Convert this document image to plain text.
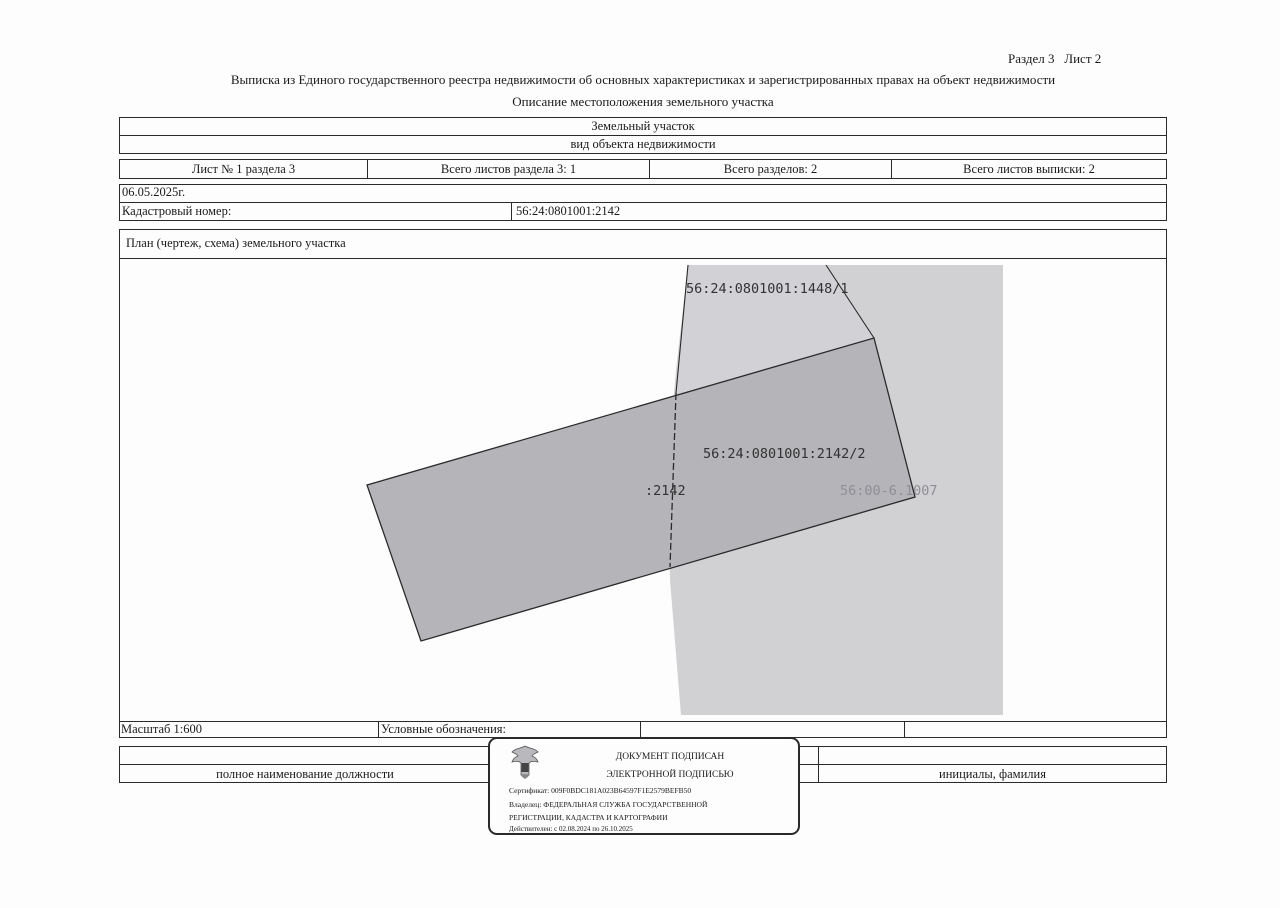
Раздел 3   Лист 2
Выписка из Единого государственного реестра недвижимости об основных характеристиках и зарегистрированных правах на объект недвижимости
Описание местоположения земельного участка
Земельный участок
вид объекта недвижимости
Лист № 1 раздела 3	Всего листов раздела 3: 1	Всего разделов: 2	Всего листов выписки: 2
06.05.2025г.
Кадастровый номер:	56:24:0801001:2142
План (чертеж, схема) земельного участка
56:24:0801001:1448/1
56:24:0801001:2142/2
:2142	56:00-6.1007
Масштаб 1:600	Условные обозначения:
полное наименование должности	инициалы, фамилия
ДОКУМЕНТ ПОДПИСАН
ЭЛЕКТРОННОЙ ПОДПИСЬЮ
Сертификат: 009F0BDC181A023B64597F1E2579BEFB50
Владелец: ФЕДЕРАЛЬНАЯ СЛУЖБА ГОСУДАРСТВЕННОЙ
РЕГИСТРАЦИИ, КАДАСТРА И КАРТОГРАФИИ
Действителен: с 02.08.2024 по 26.10.2025
